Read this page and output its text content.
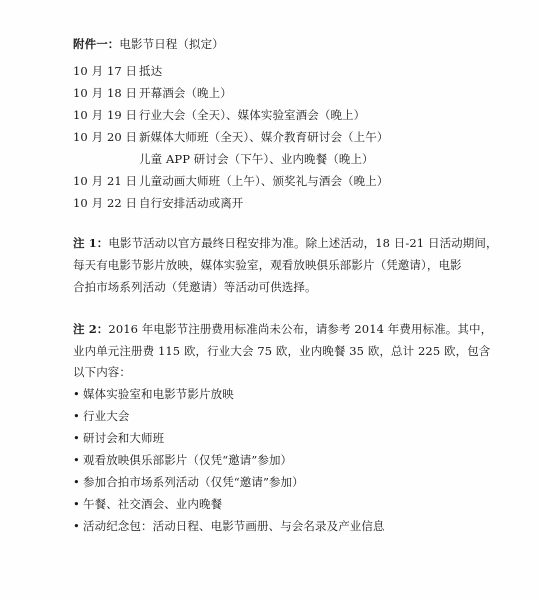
附件一：电影节日程（拟定）
10 月 17 日 抵达
10 月 18 日 开幕酒会（晚上）
10 月 19 日 行业大会（全天）、媒体实验室酒会（晚上）
10 月 20 日 新媒体大师班（全天）、媒介教育研讨会（上午）
儿童 APP 研讨会（下午）、业内晚餐（晚上）
10 月 21 日 儿童动画大师班（上午）、颁奖礼与酒会（晚上）
10 月 22 日 自行安排活动或离开
注 1：电影节活动以官方最终日程安排为准。除上述活动，18 日-21 日活动期间，
每天有电影节影片放映，媒体实验室，观看放映俱乐部影片（凭邀请），电影
合拍市场系列活动（凭邀请）等活动可供选择。
注 2：2016 年电影节注册费用标准尚未公布，请参考 2014 年费用标准。其中，
业内单元注册费 115 欧，行业大会 75 欧，业内晚餐 35 欧，总计 225 欧，包含
以下内容：
• 媒体实验室和电影节影片放映
• 行业大会
• 研讨会和大师班
• 观看放映俱乐部影片（仅凭“邀请”参加）
• 参加合拍市场系列活动（仅凭“邀请”参加）
• 午餐、社交酒会、业内晚餐
• 活动纪念包：活动日程、电影节画册、与会名录及产业信息
